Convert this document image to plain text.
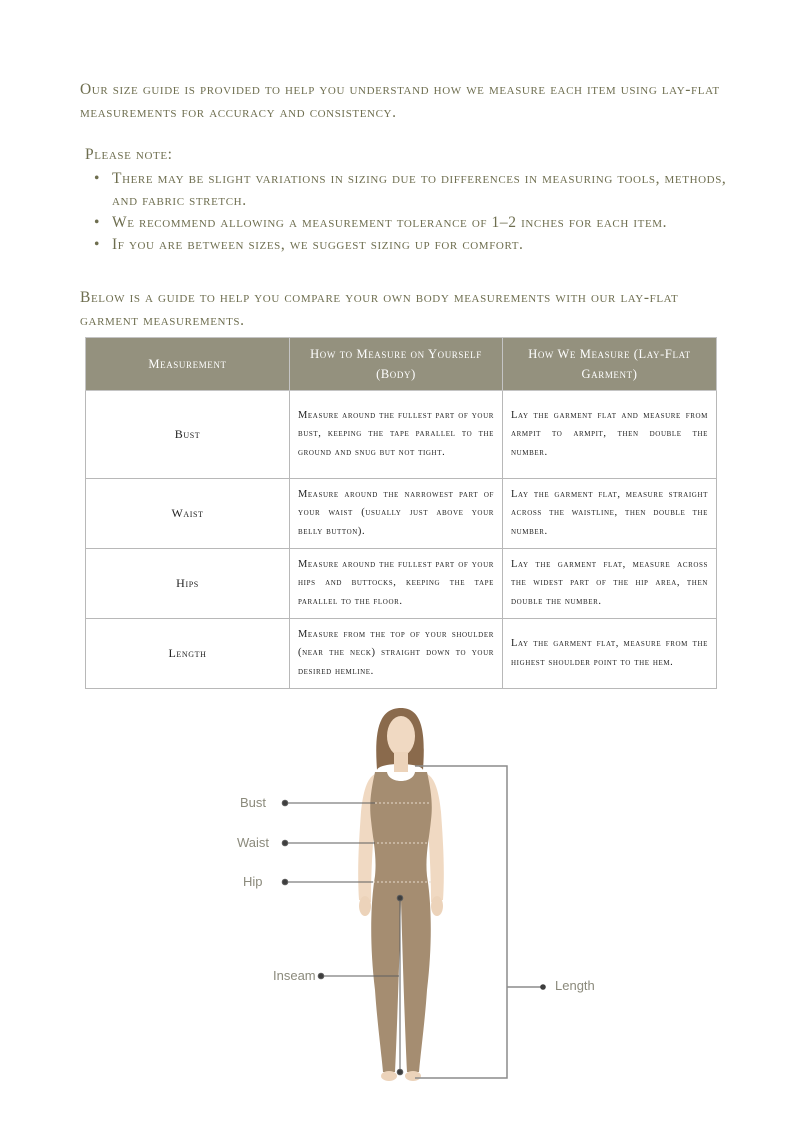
Our size guide is provided to help you understand how we measure each item using lay-flat measurements for accuracy and consistency.

Please note:

• There may be slight variations in sizing due to differences in measuring tools, methods, and fabric stretch.
• We recommend allowing a measurement tolerance of 1–2 inches for each item.
• If you are between sizes, we suggest sizing up for comfort.

Below is a guide to help you compare your own body measurements with our lay-flat garment measurements.

Measurement	How to Measure on Yourself (Body)	How We Measure (Lay-Flat Garment)
Bust	Measure around the fullest part of your bust, keeping the tape parallel to the ground and snug but not tight.	Lay the garment flat and measure from armpit to armpit, then double the number.
Waist	Measure around the narrowest part of your waist (usually just above your belly button).	Lay the garment flat, measure straight across the waistline, then double the number.
Hips	Measure around the fullest part of your hips and buttocks, keeping the tape parallel to the floor.	Lay the garment flat, measure across the widest part of the hip area, then double the number.
Length	Measure from the top of your shoulder (near the neck) straight down to your desired hemline.	Lay the garment flat, measure from the highest shoulder point to the hem.
Bust
Waist
Hip
Inseam
Length
